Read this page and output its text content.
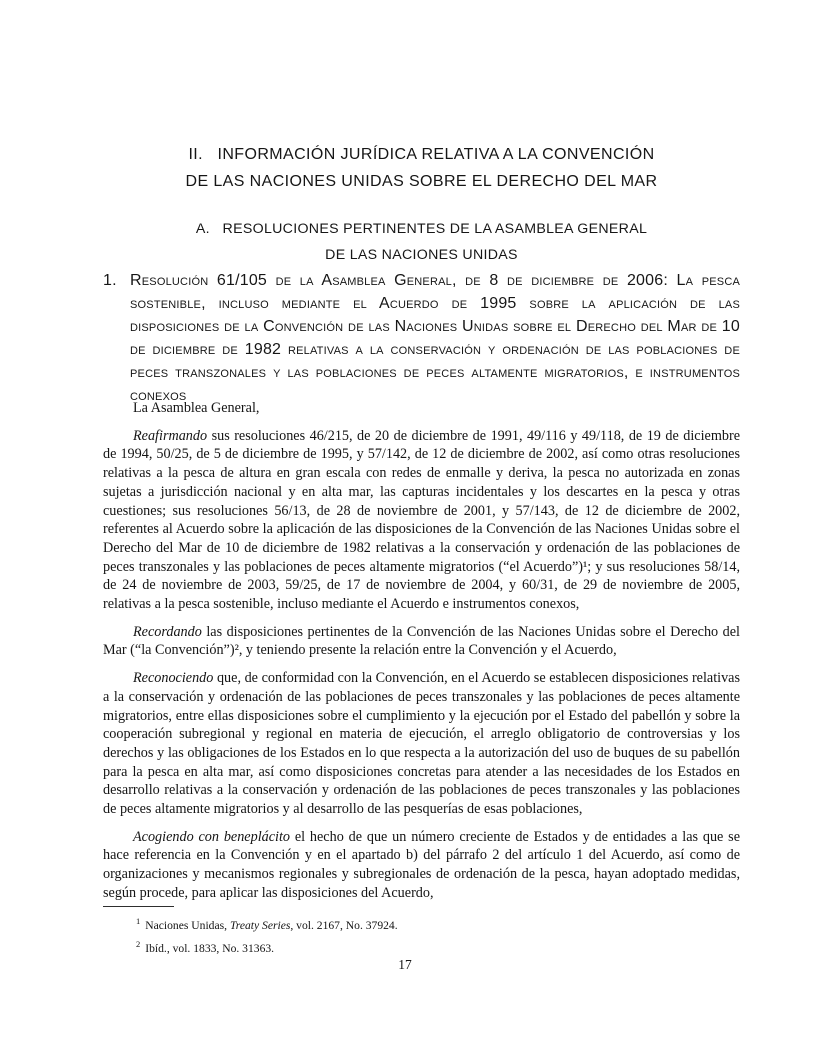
II.   INFORMACIÓN JURÍDICA RELATIVA A LA CONVENCIÓN
DE LAS NACIONES UNIDAS SOBRE EL DERECHO DEL MAR
A.   RESOLUCIONES PERTINENTES DE LA ASAMBLEA GENERAL
DE LAS NACIONES UNIDAS
1. Resolución 61/105 de la Asamblea General, de 8 de diciembre de 2006: La pesca sostenible, incluso mediante el Acuerdo de 1995 sobre la aplicación de las disposiciones de la Convención de las Naciones Unidas sobre el Derecho del Mar de 10 de diciembre de 1982 relativas a la conservación y ordenación de las poblaciones de peces transzonales y las poblaciones de peces altamente migratorios, e instrumentos conexos

La Asamblea General,

Reafirmando sus resoluciones 46/215, de 20 de diciembre de 1991, 49/116 y 49/118, de 19 de diciembre de 1994, 50/25, de 5 de diciembre de 1995, y 57/142, de 12 de diciembre de 2002, así como otras resoluciones relativas a la pesca de altura en gran escala con redes de enmalle y deriva, la pesca no autorizada en zonas sujetas a jurisdicción nacional y en alta mar, las capturas incidentales y los descartes en la pesca y otras cuestiones; sus resoluciones 56/13, de 28 de noviembre de 2001, y 57/143, de 12 de diciembre de 2002, referentes al Acuerdo sobre la aplicación de las disposiciones de la Convención de las Naciones Unidas sobre el Derecho del Mar de 10 de diciembre de 1982 relativas a la conservación y ordenación de las poblaciones de peces transzonales y las poblaciones de peces altamente migratorios (“el Acuerdo”)¹; y sus resoluciones 58/14, de 24 de noviembre de 2003, 59/25, de 17 de noviembre de 2004, y 60/31, de 29 de noviembre de 2005, relativas a la pesca sostenible, incluso mediante el Acuerdo e instrumentos conexos,

Recordando las disposiciones pertinentes de la Convención de las Naciones Unidas sobre el Derecho del Mar (“la Convención”)², y teniendo presente la relación entre la Convención y el Acuerdo,

Reconociendo que, de conformidad con la Convención, en el Acuerdo se establecen disposiciones relativas a la conservación y ordenación de las poblaciones de peces transzonales y las poblaciones de peces altamente migratorios, entre ellas disposiciones sobre el cumplimiento y la ejecución por el Estado del pabellón y sobre la cooperación subregional y regional en materia de ejecución, el arreglo obligatorio de controversias y los derechos y las obligaciones de los Estados en lo que respecta a la autorización del uso de buques de su pabellón para la pesca en alta mar, así como disposiciones concretas para atender a las necesidades de los Estados en desarrollo relativas a la conservación y ordenación de las poblaciones de peces transzonales y las poblaciones de peces altamente migratorios y al desarrollo de las pesquerías de esas poblaciones,

Acogiendo con beneplácito el hecho de que un número creciente de Estados y de entidades a las que se hace referencia en la Convención y en el apartado b) del párrafo 2 del artículo 1 del Acuerdo, así como de organizaciones y mecanismos regionales y subregionales de ordenación de la pesca, hayan adoptado medidas, según procede, para aplicar las disposiciones del Acuerdo,

$^1$ Naciones Unidas, Treaty Series, vol. 2167, No. 37924.
$^2$ Ibíd., vol. 1833, No. 31363.
17
